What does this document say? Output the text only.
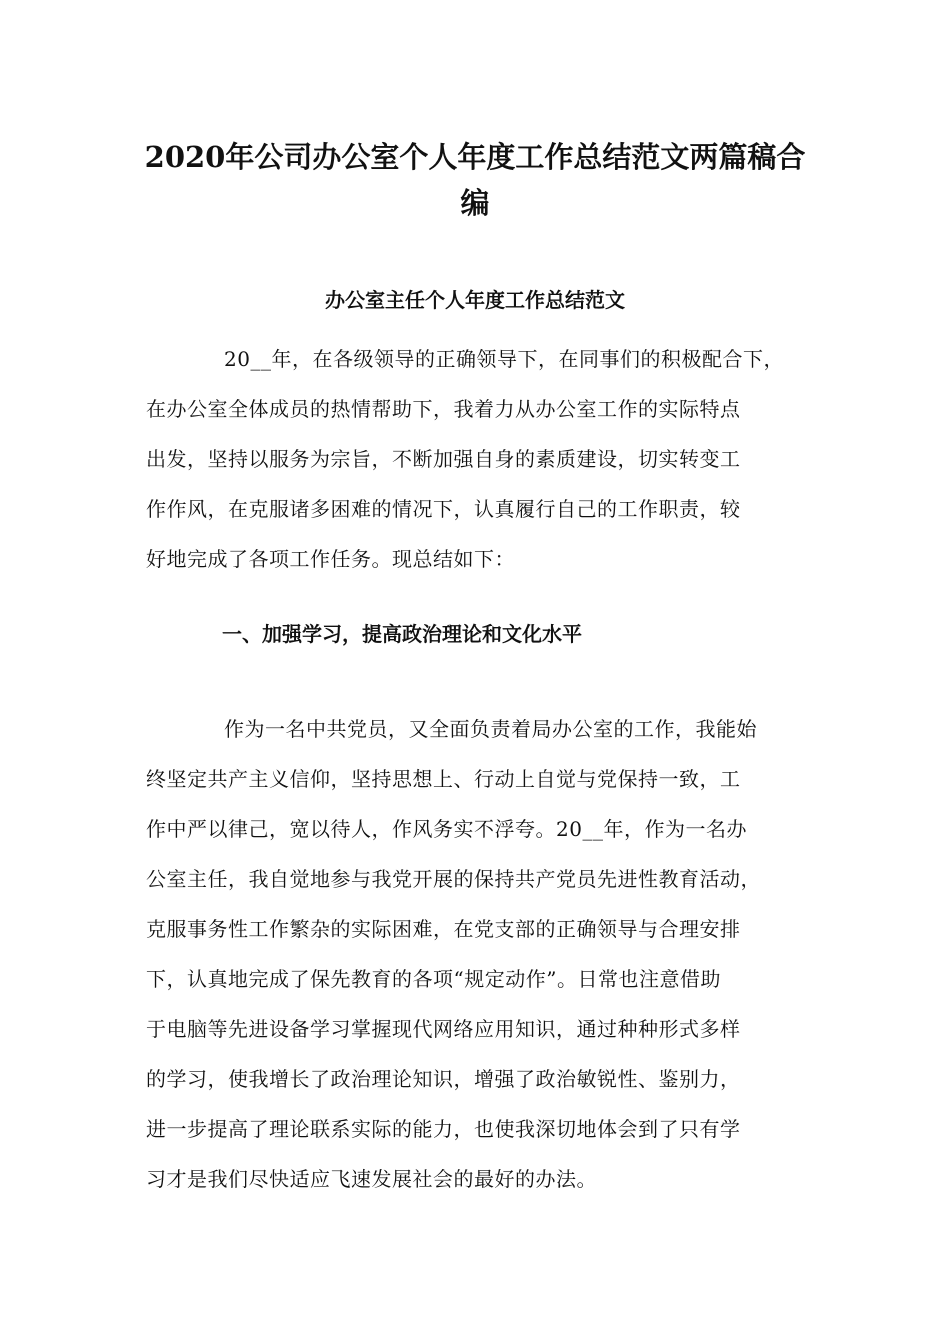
2020年公司办公室个人年度工作总结范文两篇稿合
编
办公室主任个人年度工作总结范文
20__年，在各级领导的正确领导下，在同事们的积极配合下，
在办公室全体成员的热情帮助下，我着力从办公室工作的实际特点
出发，坚持以服务为宗旨，不断加强自身的素质建设，切实转变工
作作风，在克服诸多困难的情况下，认真履行自己的工作职责，较
好地完成了各项工作任务。现总结如下：
一、加强学习，提高政治理论和文化水平
作为一名中共党员，又全面负责着局办公室的工作，我能始
终坚定共产主义信仰，坚持思想上、行动上自觉与党保持一致，工
作中严以律己，宽以待人，作风务实不浮夸。20__年，作为一名办
公室主任，我自觉地参与我党开展的保持共产党员先进性教育活动，
克服事务性工作繁杂的实际困难，在党支部的正确领导与合理安排
下，认真地完成了保先教育的各项“规定动作”。日常也注意借助
于电脑等先进设备学习掌握现代网络应用知识，通过种种形式多样
的学习，使我增长了政治理论知识，增强了政治敏锐性、鉴别力，
进一步提高了理论联系实际的能力，也使我深切地体会到了只有学
习才是我们尽快适应飞速发展社会的最好的办法。
